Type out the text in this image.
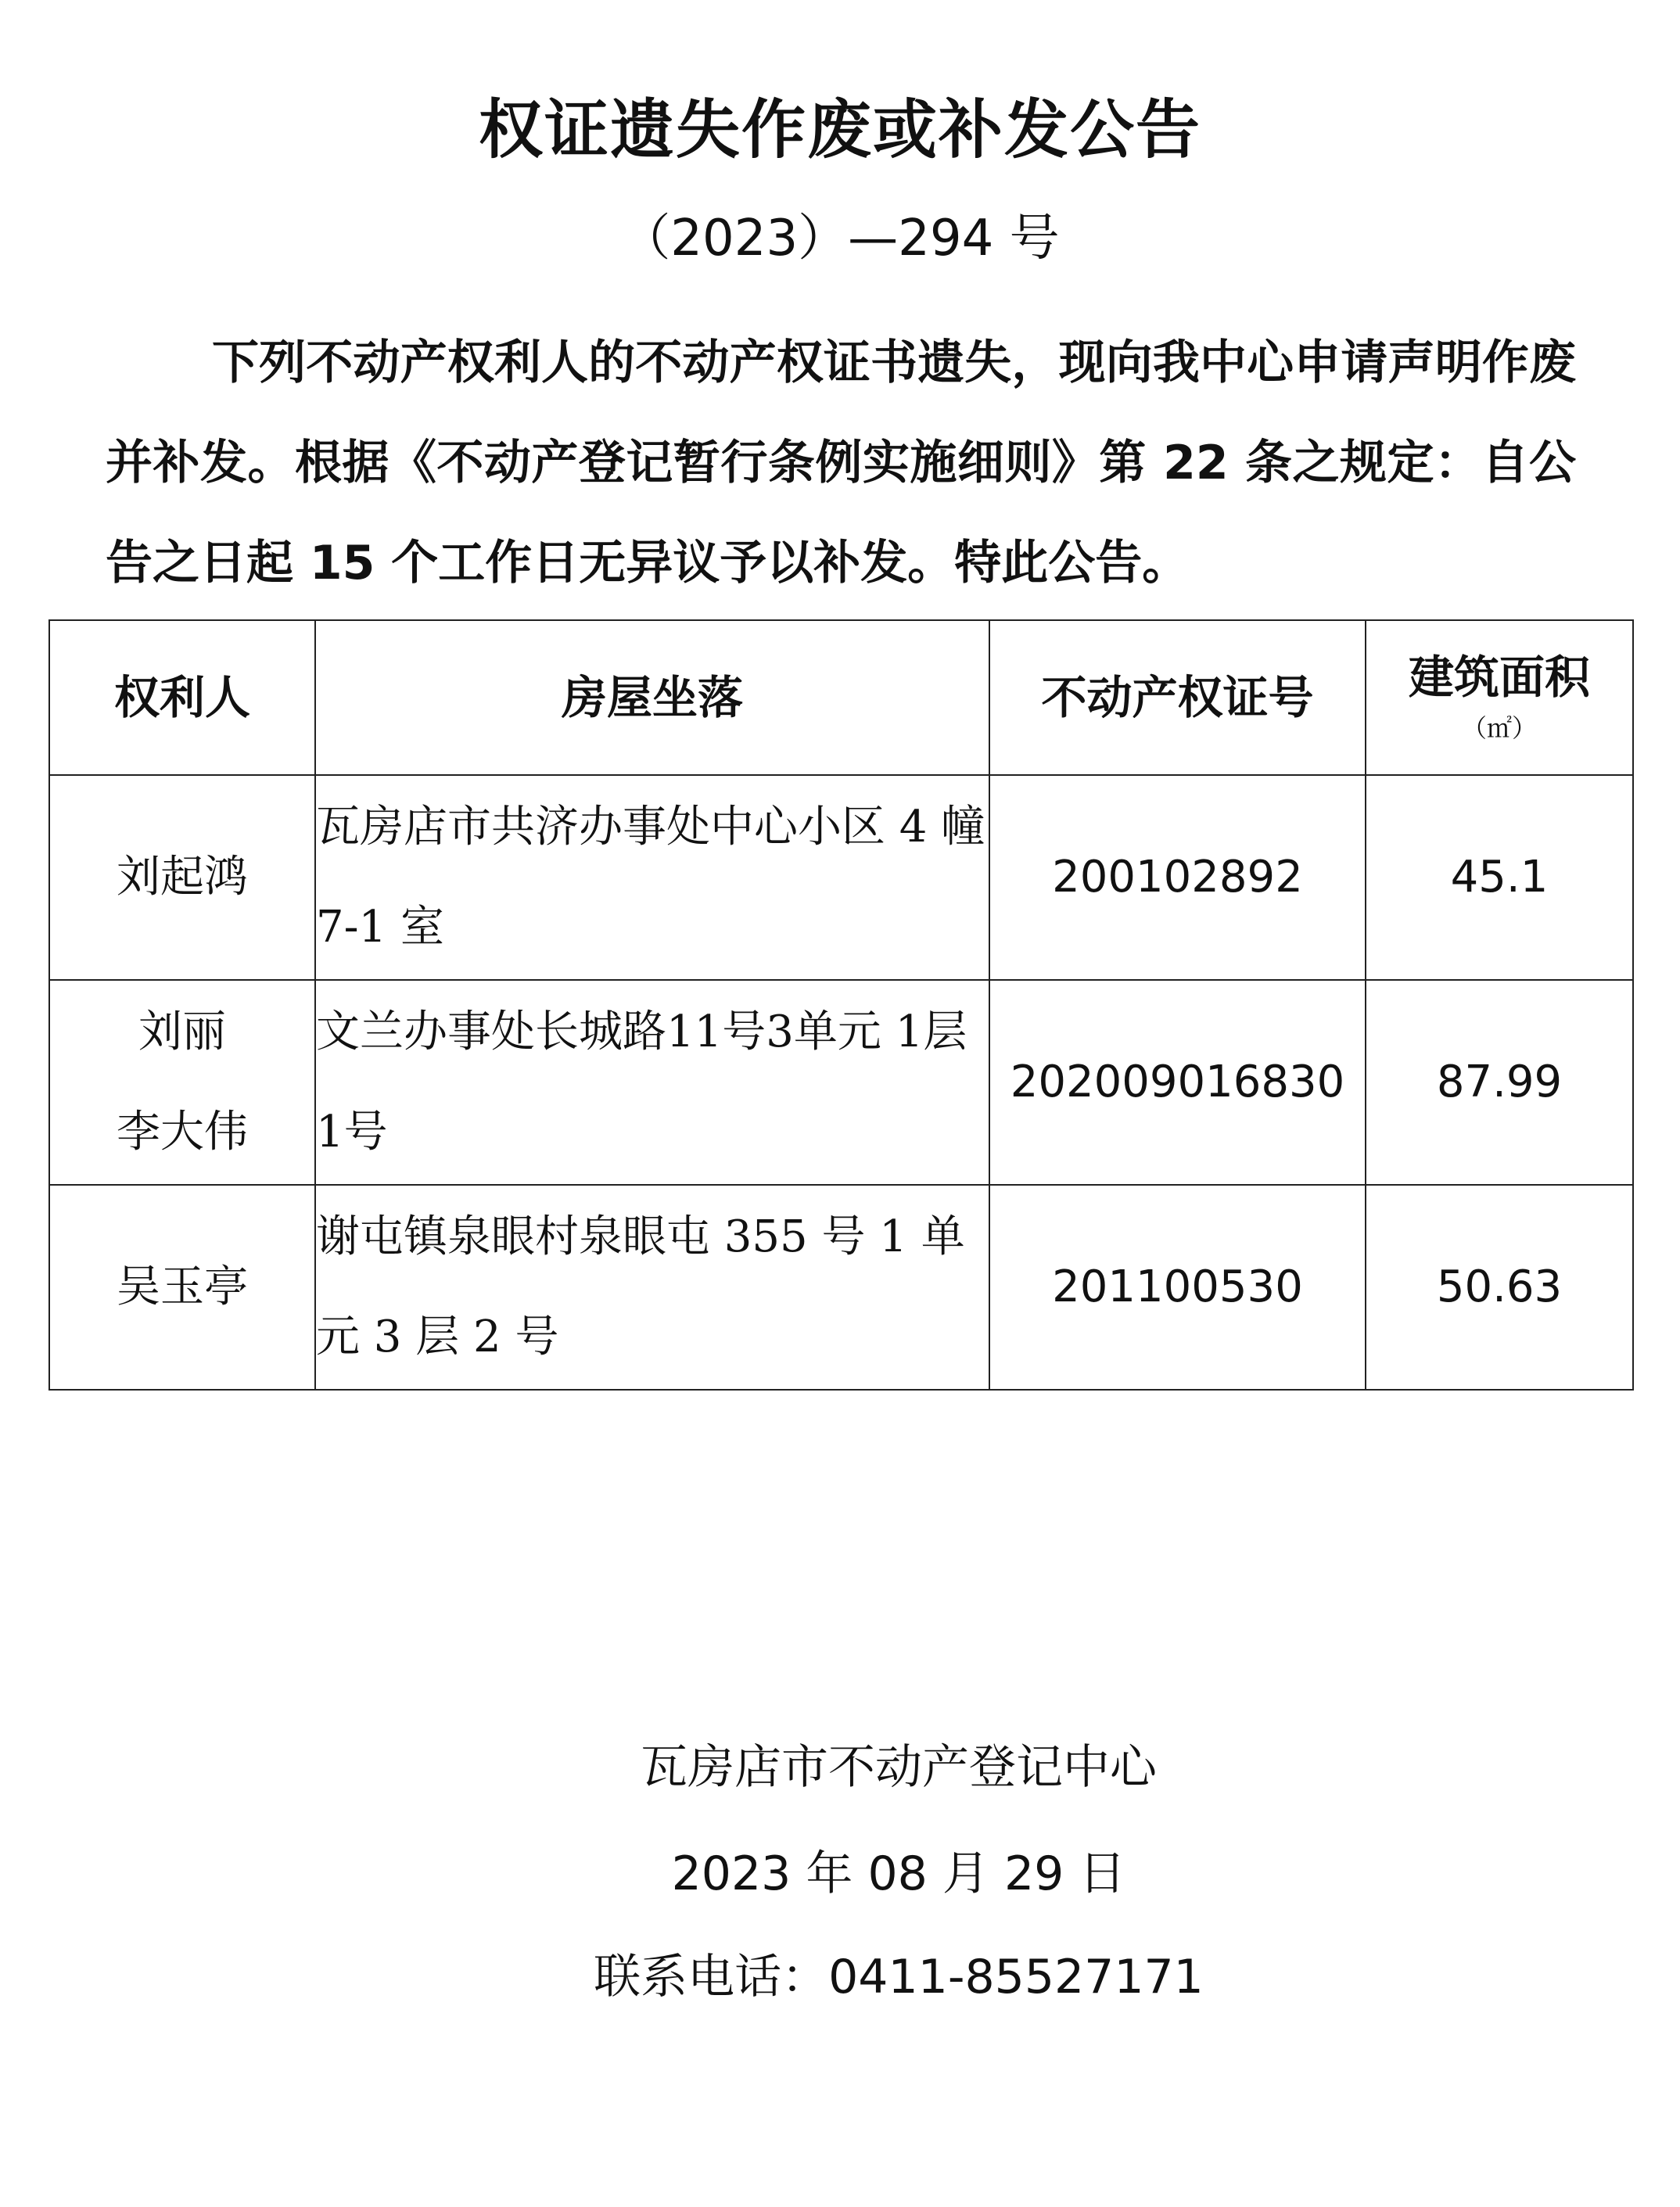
权证遗失作废或补发公告
（2023）—294 号
下列不动产权利人的不动产权证书遗失，现向我中心申请声明作废并补发。根据《不动产登记暂行条例实施细则》第 22 条之规定：自公告之日起 15 个工作日无异议予以补发。特此公告。
权利人	房屋坐落	不动产权证号	建筑面积
（㎡）

刘起鸿	瓦房店市共济办事处中心小区 4 幢 7-1 室	200102892	45.1

刘丽
李大伟	文兰办事处长城路11号3单元 1层1号	202009016830	87.99

吴玉亭	谢屯镇泉眼村泉眼屯 355 号 1 单元 3 层 2 号	201100530	50.63
瓦房店市不动产登记中心
2023 年 08 月 29 日
联系电话：0411-85527171
